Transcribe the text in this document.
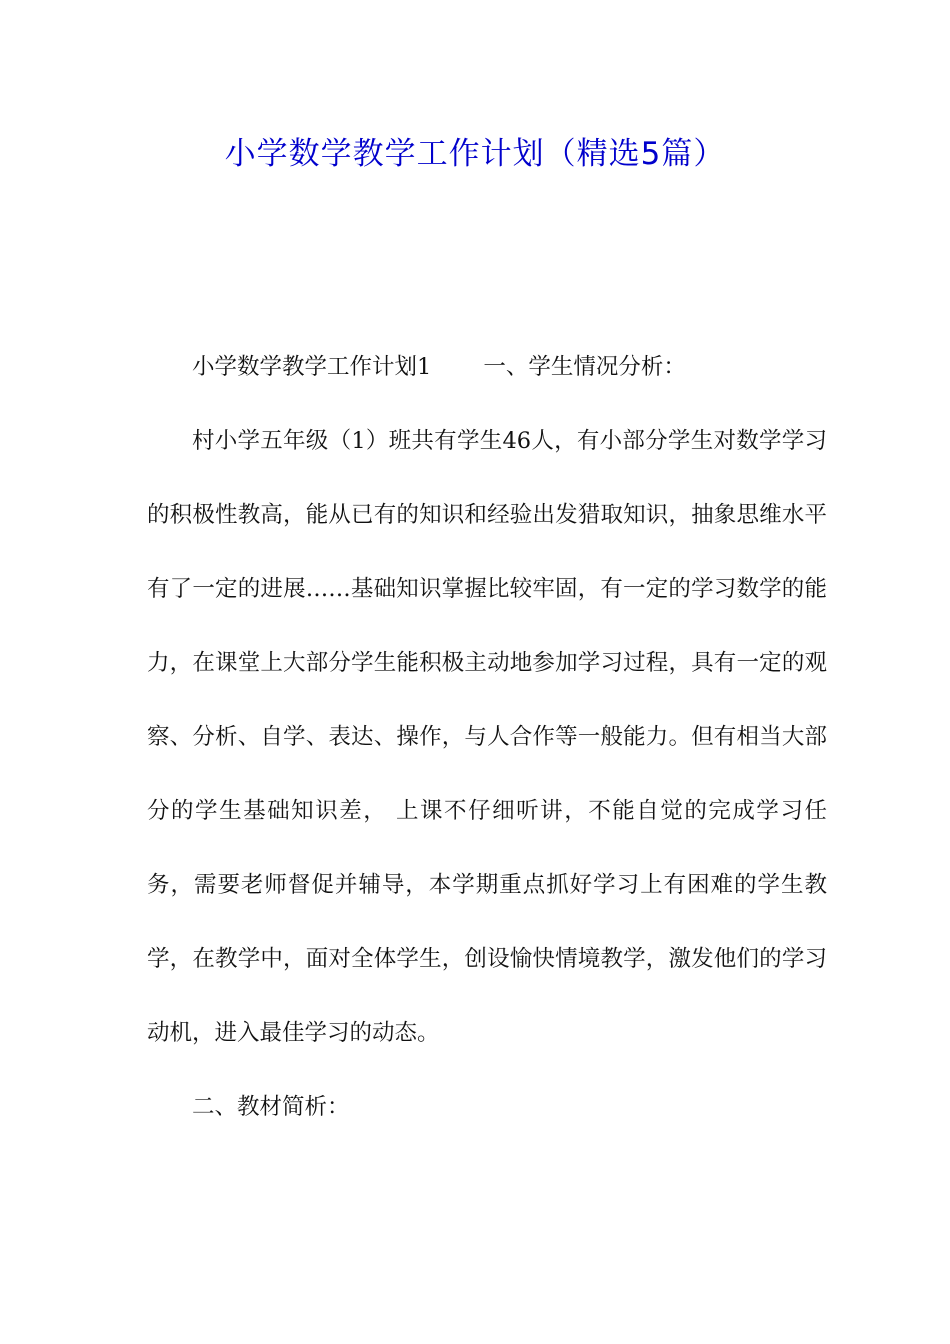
小学数学教学工作计划（精选5篇）

小学数学教学工作计划1 一、学生情况分析：

村小学五年级（1）班共有学生46人，有小部分学生对数学学习的积极性教高，能从已有的知识和经验出发猎取知识，抽象思维水平有了一定的进展……基础知识掌握比较牢固，有一定的学习数学的能力，在课堂上大部分学生能积极主动地参加学习过程，具有一定的观察、分析、自学、表达、操作，与人合作等一般能力。但有相当大部分的学生基础知识差， 上课不仔细听讲，不能自觉的完成学习任务，需要老师督促并辅导，本学期重点抓好学习上有困难的学生教学，在教学中，面对全体学生，创设愉快情境教学，激发他们的学习动机，进入最佳学习的动态。

二、教材简析：
